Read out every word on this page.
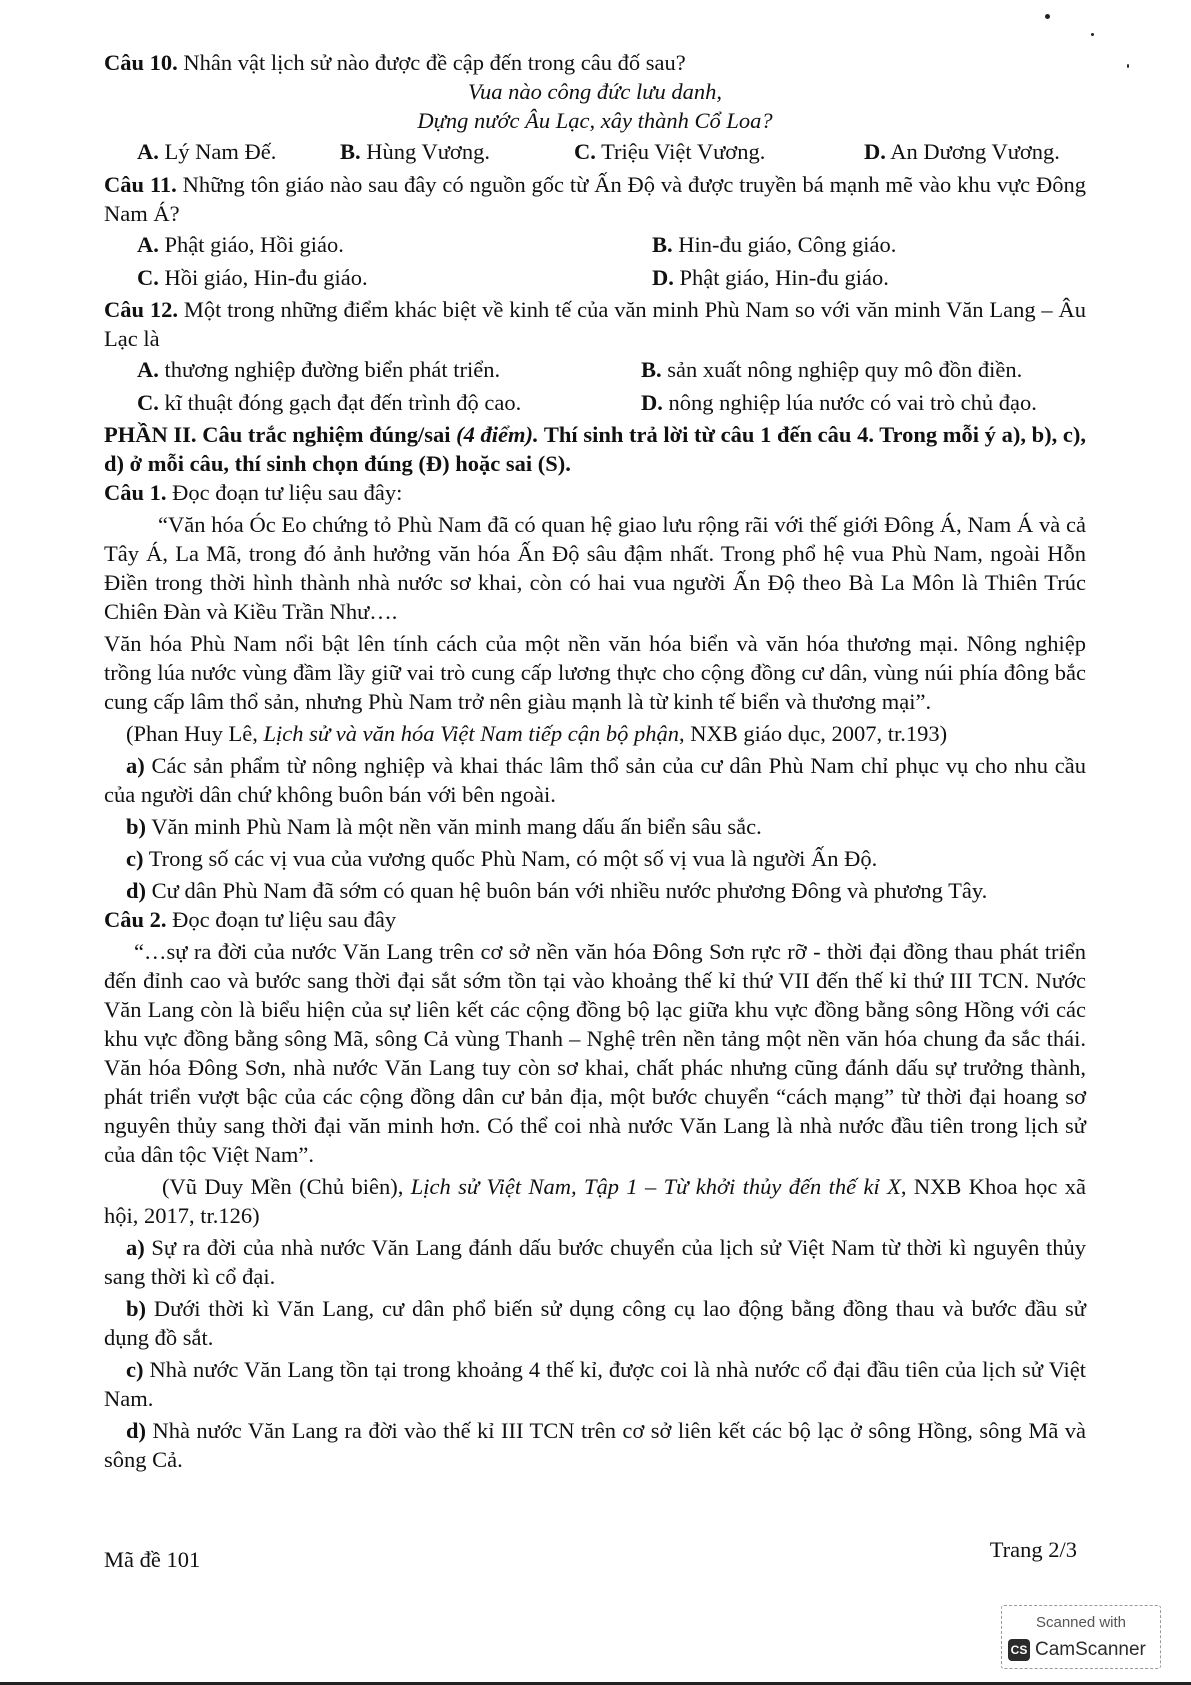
Câu 10. Nhân vật lịch sử nào được đề cập đến trong câu đố sau?

Vua nào công đức lưu danh,

Dựng nước Âu Lạc, xây thành Cổ Loa?

A. Lý Nam Đế.	B. Hùng Vương.	C. Triệu Việt Vương.	D. An Dương Vương.

Câu 11. Những tôn giáo nào sau đây có nguồn gốc từ Ấn Độ và được truyền bá mạnh mẽ vào khu vực Đông Nam Á?

A. Phật giáo, Hồi giáo.	B. Hin-đu giáo, Công giáo.
C. Hồi giáo, Hin-đu giáo.	D. Phật giáo, Hin-đu giáo.

Câu 12. Một trong những điểm khác biệt về kinh tế của văn minh Phù Nam so với văn minh Văn Lang – Âu Lạc là

A. thương nghiệp đường biển phát triển.	B. sản xuất nông nghiệp quy mô đồn điền.
C. kĩ thuật đóng gạch đạt đến trình độ cao.	D. nông nghiệp lúa nước có vai trò chủ đạo.

PHẦN II. Câu trắc nghiệm đúng/sai (4 điểm). Thí sinh trả lời từ câu 1 đến câu 4. Trong mỗi ý a), b), c), d) ở mỗi câu, thí sinh chọn đúng (Đ) hoặc sai (S).

Câu 1. Đọc đoạn tư liệu sau đây:

“Văn hóa Óc Eo chứng tỏ Phù Nam đã có quan hệ giao lưu rộng rãi với thế giới Đông Á, Nam Á và cả Tây Á, La Mã, trong đó ảnh hưởng văn hóa Ấn Độ sâu đậm nhất. Trong phổ hệ vua Phù Nam, ngoài Hỗn Điền trong thời hình thành nhà nước sơ khai, còn có hai vua người Ấn Độ theo Bà La Môn là Thiên Trúc Chiên Đàn và Kiều Trần Như….

Văn hóa Phù Nam nổi bật lên tính cách của một nền văn hóa biển và văn hóa thương mại. Nông nghiệp trồng lúa nước vùng đầm lầy giữ vai trò cung cấp lương thực cho cộng đồng cư dân, vùng núi phía đông bắc cung cấp lâm thổ sản, nhưng Phù Nam trở nên giàu mạnh là từ kinh tế biển và thương mại”.

(Phan Huy Lê, Lịch sử và văn hóa Việt Nam tiếp cận bộ phận, NXB giáo dục, 2007, tr.193)

a) Các sản phẩm từ nông nghiệp và khai thác lâm thổ sản của cư dân Phù Nam chỉ phục vụ cho nhu cầu của người dân chứ không buôn bán với bên ngoài.

b) Văn minh Phù Nam là một nền văn minh mang dấu ấn biển sâu sắc.

c) Trong số các vị vua của vương quốc Phù Nam, có một số vị vua là người Ấn Độ.

d) Cư dân Phù Nam đã sớm có quan hệ buôn bán với nhiều nước phương Đông và phương Tây.

Câu 2. Đọc đoạn tư liệu sau đây

“…sự ra đời của nước Văn Lang trên cơ sở nền văn hóa Đông Sơn rực rỡ - thời đại đồng thau phát triển đến đỉnh cao và bước sang thời đại sắt sớm tồn tại vào khoảng thế kỉ thứ VII đến thế kỉ thứ III TCN. Nước Văn Lang còn là biểu hiện của sự liên kết các cộng đồng bộ lạc giữa khu vực đồng bằng sông Hồng với các khu vực đồng bằng sông Mã, sông Cả vùng Thanh – Nghệ trên nền tảng một nền văn hóa chung đa sắc thái. Văn hóa Đông Sơn, nhà nước Văn Lang tuy còn sơ khai, chất phác nhưng cũng đánh dấu sự trưởng thành, phát triển vượt bậc của các cộng đồng dân cư bản địa, một bước chuyển “cách mạng” từ thời đại hoang sơ nguyên thủy sang thời đại văn minh hơn. Có thể coi nhà nước Văn Lang là nhà nước đầu tiên trong lịch sử của dân tộc Việt Nam”.

(Vũ Duy Mền (Chủ biên), Lịch sử Việt Nam, Tập 1 – Từ khởi thủy đến thế kỉ X, NXB Khoa học xã hội, 2017, tr.126)

a) Sự ra đời của nhà nước Văn Lang đánh dấu bước chuyển của lịch sử Việt Nam từ thời kì nguyên thủy sang thời kì cổ đại.

b) Dưới thời kì Văn Lang, cư dân phổ biến sử dụng công cụ lao động bằng đồng thau và bước đầu sử dụng đồ sắt.

c) Nhà nước Văn Lang tồn tại trong khoảng 4 thế kỉ, được coi là nhà nước cổ đại đầu tiên của lịch sử Việt Nam.

d) Nhà nước Văn Lang ra đời vào thế kỉ III TCN trên cơ sở liên kết các bộ lạc ở sông Hồng, sông Mã và sông Cả.

Mã đề 101	Trang 2/3
Scanned with
CS CamScanner
